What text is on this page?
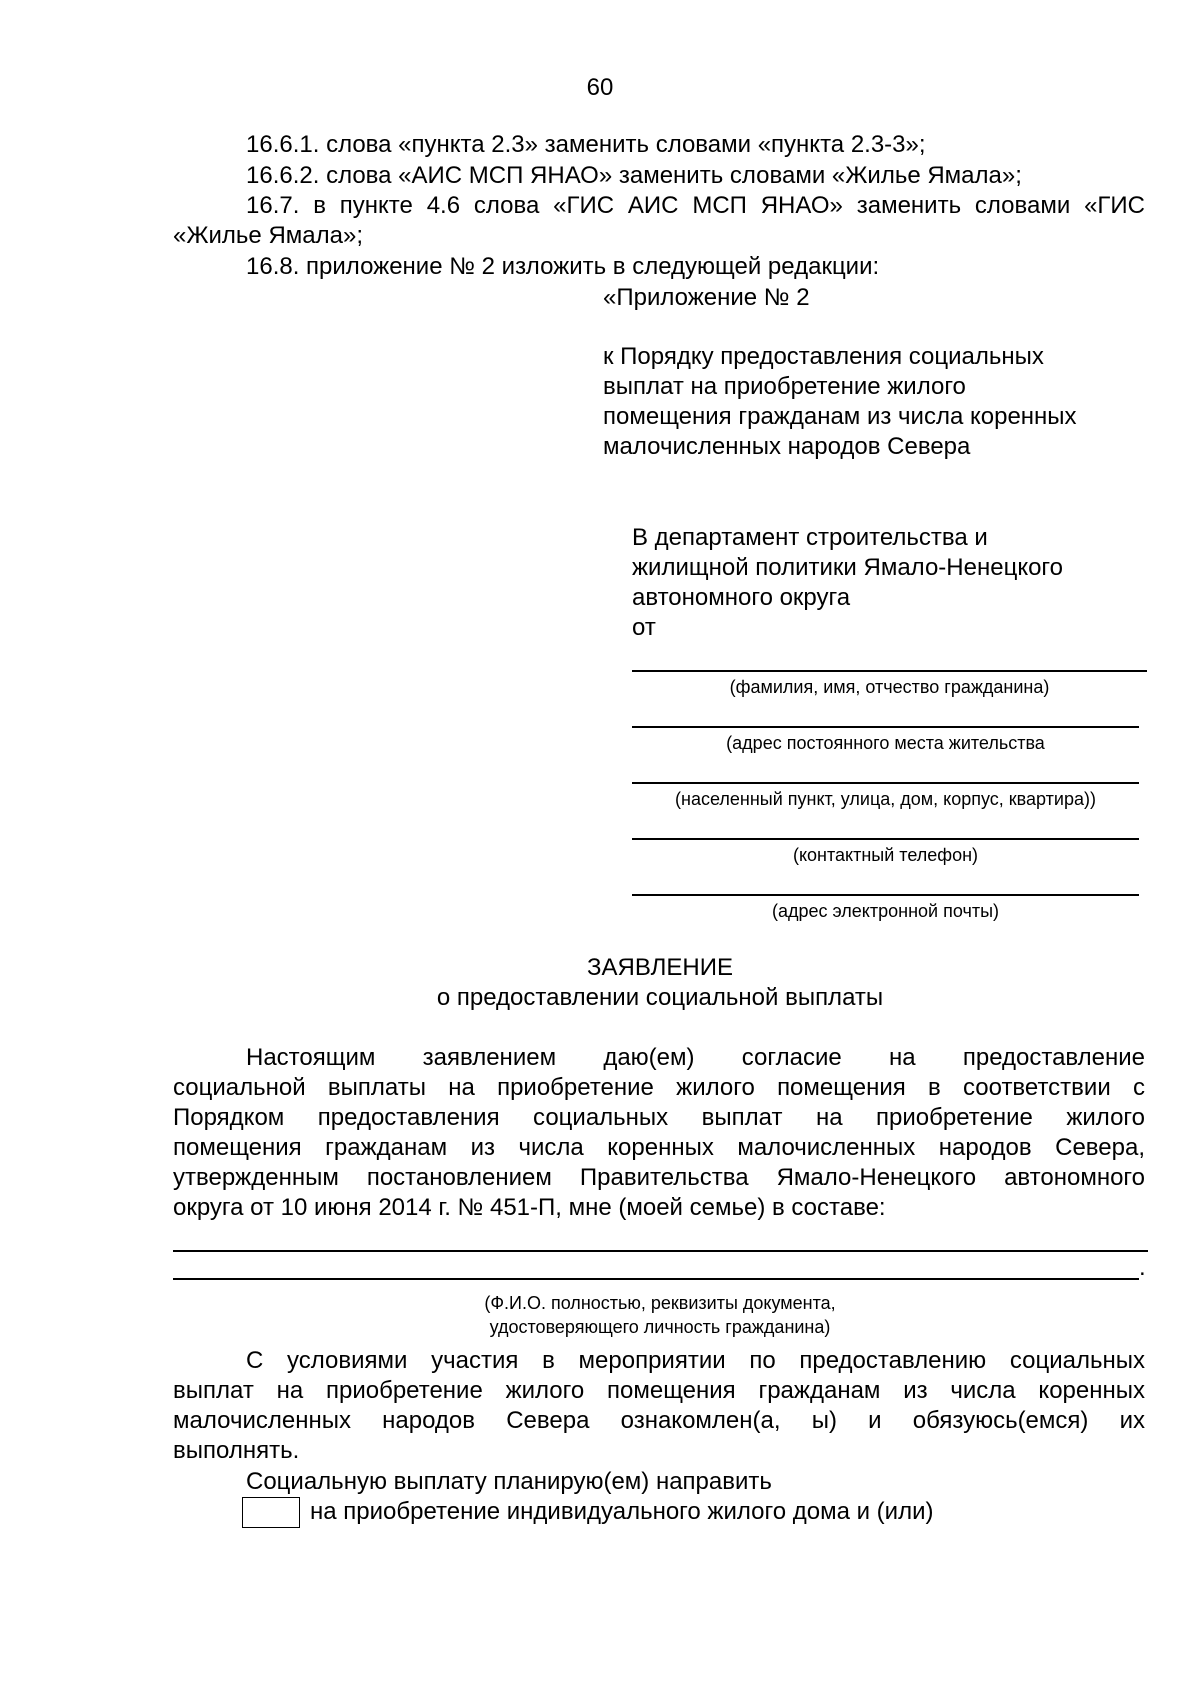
60
16.6.1. слова «пункта 2.3» заменить словами «пункта 2.3-3»;
16.6.2. слова «АИС МСП ЯНАО» заменить словами «Жилье Ямала»;
16.7. в пункте 4.6 слова «ГИС АИС МСП ЯНАО» заменить словами «ГИС
«Жилье Ямала»;
16.8. приложение № 2 изложить в следующей редакции:
«Приложение № 2
к Порядку предоставления социальных
выплат на приобретение жилого
помещения гражданам из числа коренных
малочисленных народов Севера
В департамент строительства и
жилищной политики Ямало-Ненецкого
автономного округа
от
(фамилия, имя, отчество гражданина)
(адрес постоянного места жительства
(населенный пункт, улица, дом, корпус, квартира))
(контактный телефон)
(адрес электронной почты)
ЗАЯВЛЕНИЕ
о предоставлении социальной выплаты
Настоящим заявлением даю(ем) согласие на предоставление
социальной выплаты на приобретение жилого помещения в соответствии с
Порядком предоставления социальных выплат на приобретение жилого
помещения гражданам из числа коренных малочисленных народов Севера,
утвержденным постановлением Правительства Ямало-Ненецкого автономного
округа от 10 июня 2014 г. № 451-П, мне (моей семье) в составе:
.
(Ф.И.О. полностью, реквизиты документа,
удостоверяющего личность гражданина)
С условиями участия в мероприятии по предоставлению социальных
выплат на приобретение жилого помещения гражданам из числа коренных
малочисленных народов Севера ознакомлен(а, ы) и обязуюсь(емся) их
выполнять.
Социальную выплату планирую(ем) направить
на приобретение индивидуального жилого дома и (или)
